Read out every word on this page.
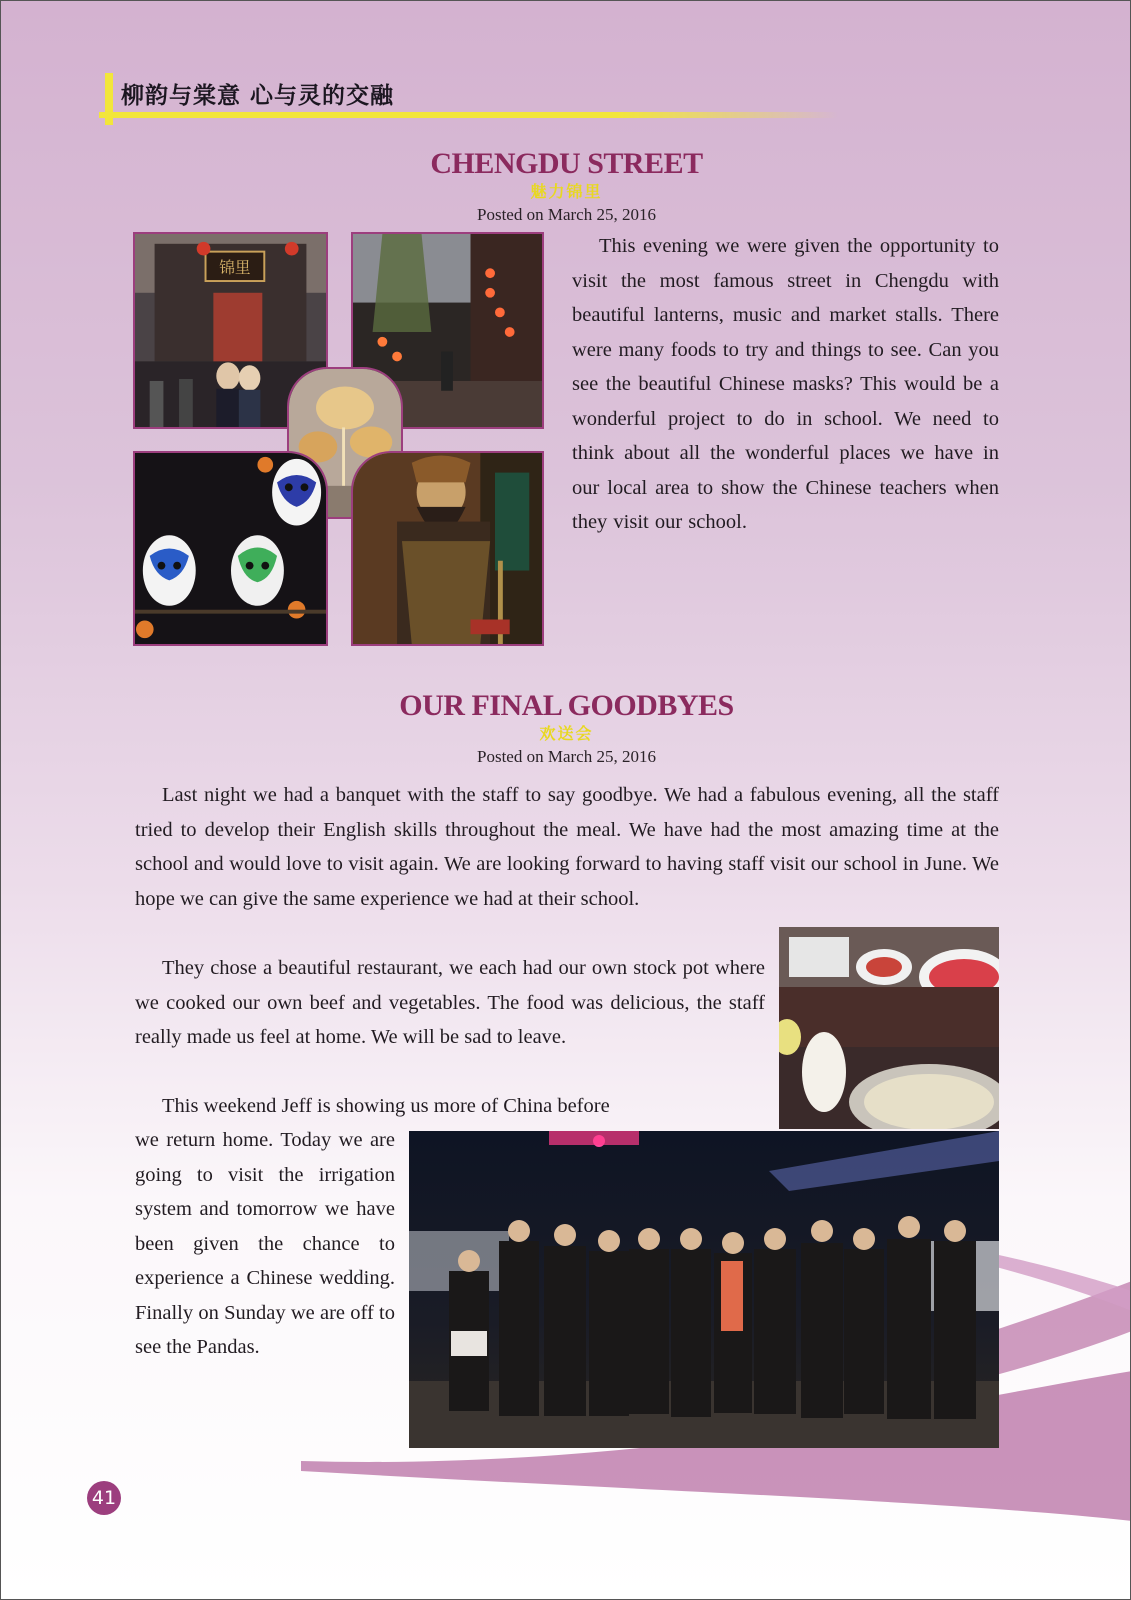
柳韵与棠意 心与灵的交融
CHENGDU STREET
魅力锦里
Posted on March 25, 2016
锦里

This evening we were given the opportunity to visit the most famous street in Chengdu with beautiful lanterns, music and market stalls. There were many foods to try and things to see. Can you see the beautiful Chinese masks? This would be a wonderful project to do in school. We need to think about all the wonderful places we have in our local area to show the Chinese teachers when they visit our school.

OUR FINAL GOODBYES
欢送会
Posted on March 25, 2016

Last night we had a banquet with the staff to say goodbye. We had a fabulous evening, all the staff tried to develop their English skills throughout the meal. We have had the most amazing time at the school and would love to visit again. We are looking forward to having staff visit our school in June. We hope we can give the same experience we had at their school.

They chose a beautiful restaurant, we each had our own stock pot where we cooked our own beef and vegetables. The food was delicious, the staff really made us feel at home. We will be sad to leave.

This weekend Jeff is showing us more of China before

we return home. Today we are going to visit the irrigation system and tomorrow we have been given the chance to experience a Chinese wedding. Finally on Sunday we are off to see the Pandas.

41
